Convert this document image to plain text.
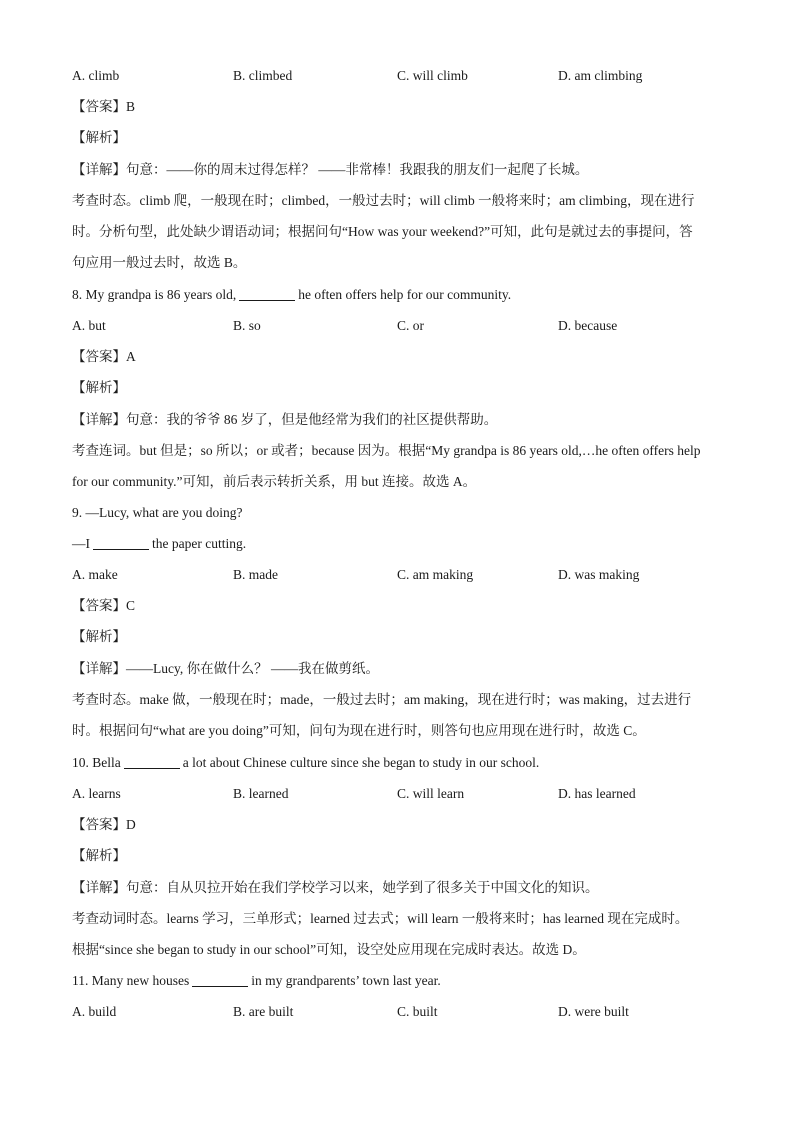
A. climb	B. climbed	C. will climb	D. am climbing
【答案】B
【解析】
【详解】句意：——你的周末过得怎样？ ——非常棒！我跟我的朋友们一起爬了长城。
考查时态。climb 爬，一般现在时；climbed，一般过去时；will climb 一般将来时；am climbing，现在进行
时。分析句型，此处缺少谓语动词；根据问句“How was your weekend?”可知，此句是就过去的事提问，答
句应用一般过去时，故选 B。
8. My grandpa is 86 years old,	he often offers help for our community.
A. but	B. so	C. or	D. because
【答案】A
【解析】
【详解】句意：我的爷爷 86 岁了，但是他经常为我们的社区提供帮助。
考查连词。but 但是；so 所以；or 或者；because 因为。根据“My grandpa is 86 years old,…he often offers help
for our community.”可知，前后表示转折关系，用 but 连接。故选 A。
9. —Lucy, what are you doing?
—I	the paper cutting.
A. make	B. made	C. am making	D. was making
【答案】C
【解析】
【详解】——Lucy, 你在做什么？ ——我在做剪纸。
考查时态。make 做，一般现在时；made，一般过去时；am making，现在进行时；was making，过去进行
时。根据问句“what are you doing”可知，问句为现在进行时，则答句也应用现在进行时，故选 C。
10. Bella	a lot about Chinese culture since she began to study in our school.
A. learns	B. learned	C. will learn	D. has learned
【答案】D
【解析】
【详解】句意：自从贝拉开始在我们学校学习以来，她学到了很多关于中国文化的知识。
考查动词时态。learns 学习，三单形式；learned 过去式；will learn 一般将来时；has learned 现在完成时。
根据“since she began to study in our school”可知，设空处应用现在完成时表达。故选 D。
11. Many new houses	in my grandparents’ town last year.
A. build	B. are built	C. built	D. were built
